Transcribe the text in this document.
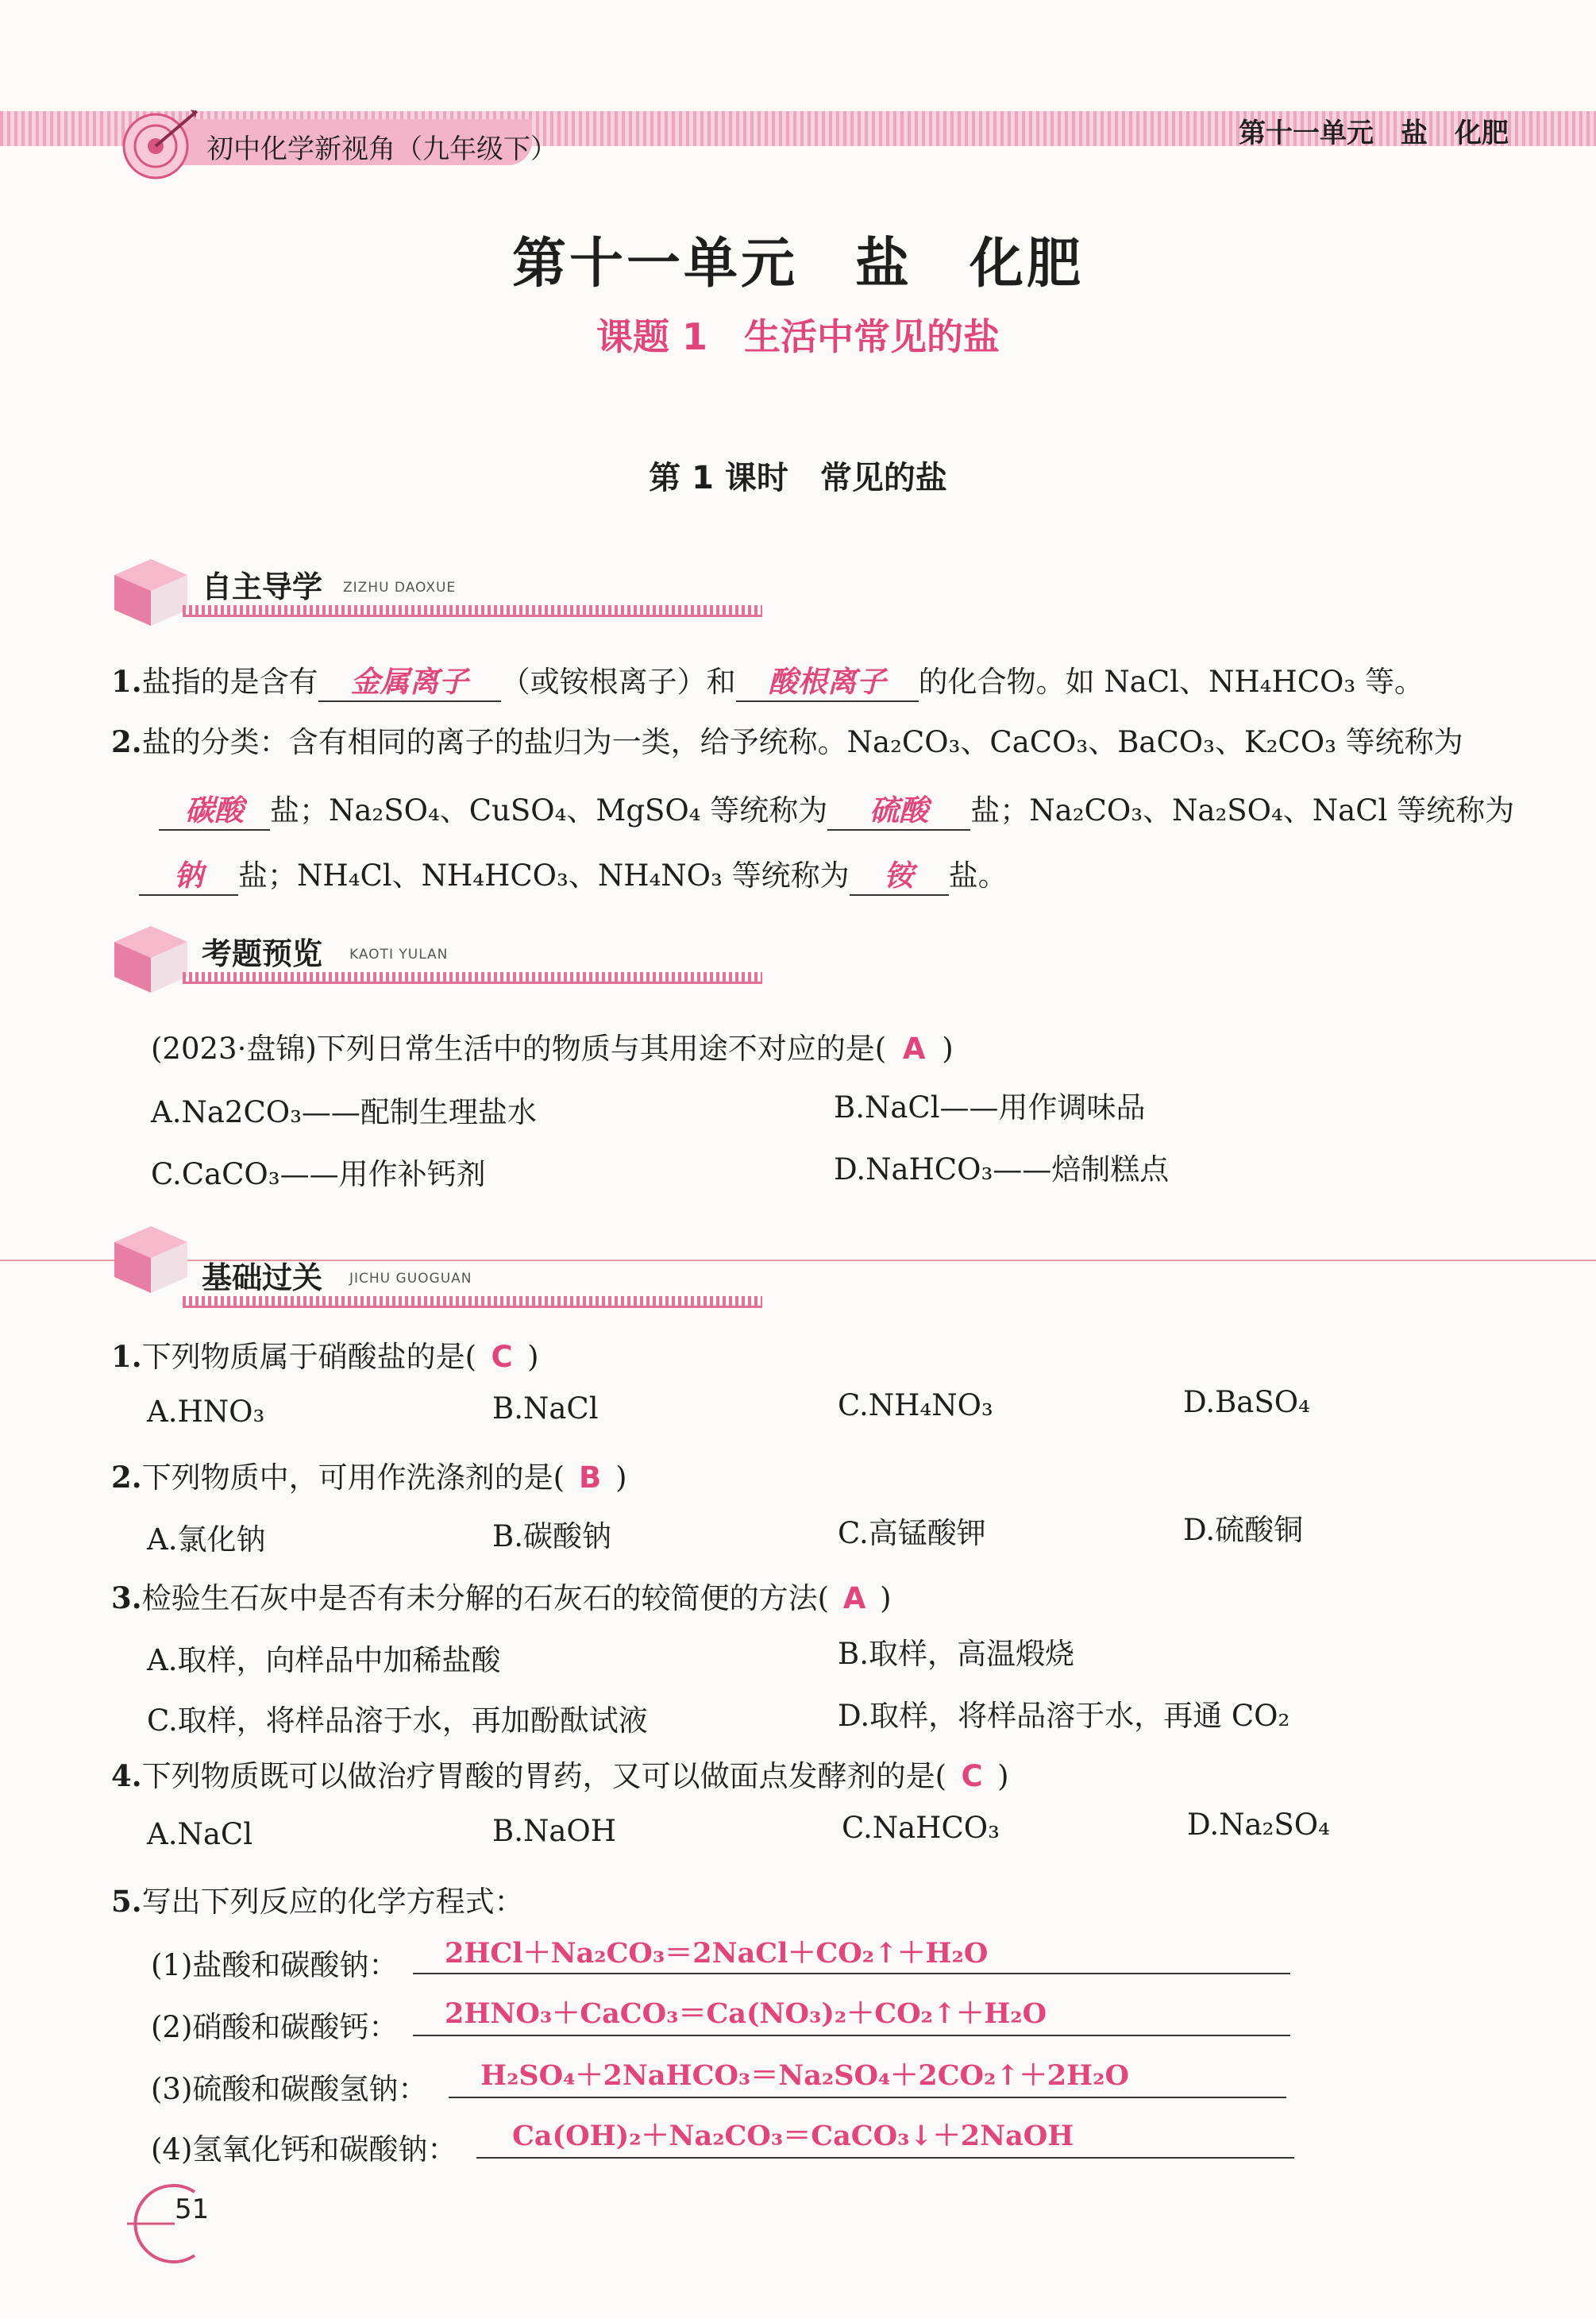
初中化学新视角（九年级下）	第十一单元　盐　化肥
第十一单元　盐　化肥
课题 1　生活中常见的盐
第 1 课时　常见的盐
自主导学 ZIZHU DAOXUE
1.盐指的是含有 金属离子 （或铵根离子）和 酸根离子 的化合物。如 NaCl、NH₄HCO₃ 等。
2.盐的分类：含有相同的离子的盐归为一类，给予统称。Na₂CO₃、CaCO₃、BaCO₃、K₂CO₃ 等统称为
碳酸 盐；Na₂SO₄、CuSO₄、MgSO₄ 等统称为 硫酸 盐；Na₂CO₃、Na₂SO₄、NaCl 等统称为
钠 盐；NH₄Cl、NH₄HCO₃、NH₄NO₃ 等统称为 铵 盐。
考题预览 KAOTI YULAN
(2023·盘锦)下列日常生活中的物质与其用途不对应的是( A )
A.Na2CO₃——配制生理盐水	B.NaCl——用作调味品
C.CaCO₃——用作补钙剂	D.NaHCO₃——焙制糕点
基础过关 JICHU GUOGUAN
1.下列物质属于硝酸盐的是( C )
A.HNO₃	B.NaCl	C.NH₄NO₃	D.BaSO₄
2.下列物质中，可用作洗涤剂的是( B )
A.氯化钠	B.碳酸钠	C.高锰酸钾	D.硫酸铜
3.检验生石灰中是否有未分解的石灰石的较简便的方法( A )
A.取样，向样品中加稀盐酸	B.取样，高温煅烧
C.取样，将样品溶于水，再加酚酞试液	D.取样，将样品溶于水，再通 CO₂
4.下列物质既可以做治疗胃酸的胃药，又可以做面点发酵剂的是( C )
A.NaCl	B.NaOH	C.NaHCO₃	D.Na₂SO₄
5.写出下列反应的化学方程式：
(1)盐酸和碳酸钠： 2HCl＋Na₂CO₃＝2NaCl＋CO₂↑＋H₂O
(2)硝酸和碳酸钙： 2HNO₃＋CaCO₃＝Ca(NO₃)₂＋CO₂↑＋H₂O
(3)硫酸和碳酸氢钠： H₂SO₄＋2NaHCO₃＝Na₂SO₄＋2CO₂↑＋2H₂O
(4)氢氧化钙和碳酸钠： Ca(OH)₂＋Na₂CO₃＝CaCO₃↓＋2NaOH
51
